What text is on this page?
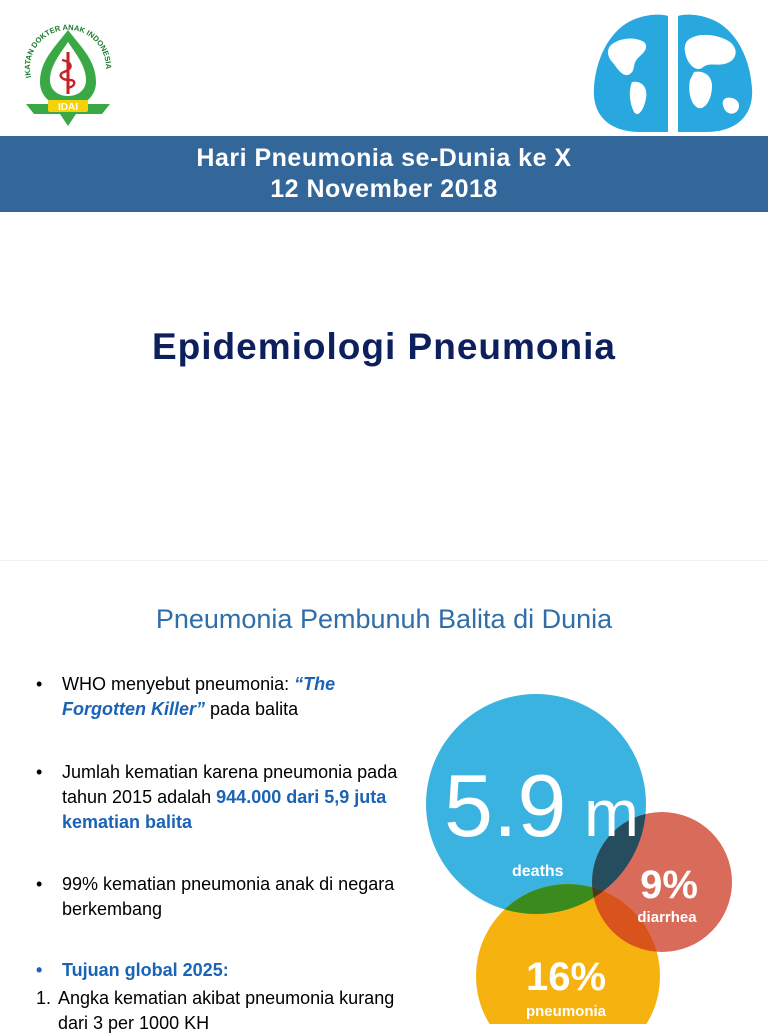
IKATAN DOKTER ANAK INDONESIA
IDAI
Hari Pneumonia se-Dunia ke X
12 November 2018
Epidemiologi Pneumonia
Pneumonia Pembunuh Balita di Dunia
• WHO menyebut pneumonia: “The Forgotten Killer” pada balita
• Jumlah kematian karena pneumonia pada tahun 2015 adalah 944.000 dari 5,9 juta kematian balita
• 99% kematian pneumonia anak di negara berkembang
• Tujuan global 2025:
1. Angka kematian akibat pneumonia kurang dari 3 per 1000 KH
5.9 m
deaths 9%
diarrhea
16%
pneumonia
